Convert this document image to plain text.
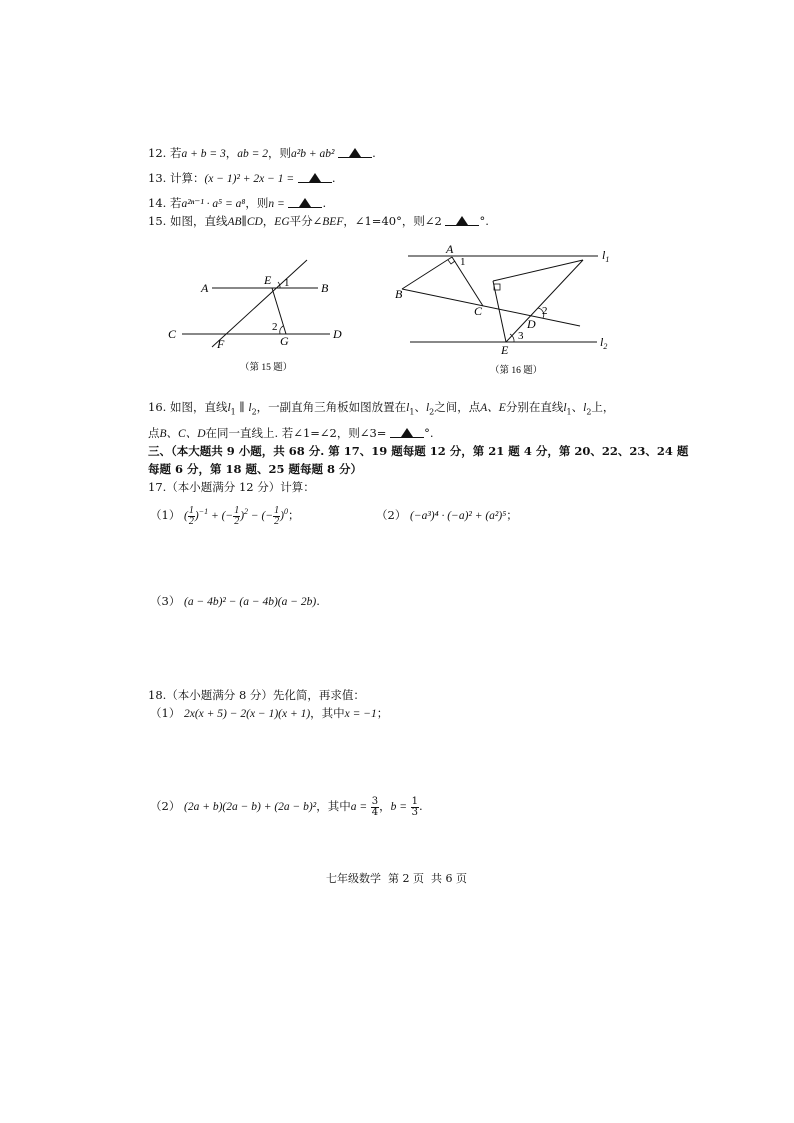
12. 若a + b = 3，ab = 2，则a²b + ab²	.
13. 计算：(x − 1)² + 2x − 1 =	.
14. 若a²ⁿ⁻¹ · a⁵ = a⁸，则n =	.
15. 如图，直线AB∥CD，EG平分∠BEF，∠1=40°，则∠2	°.
A	B
C	D
E
F	G
1
2
（第 15 题）
A
B
C
D
E
1
2
3
$l_1$
$l_2$
（第 16 题）
16. 如图，直线$l_1$ ∥ $l_2$，一副直角三角板如图放置在$l_1$、$l_2$之间，点A、E分别在直线$l_1$、$l_2$上，
点B、C、D在同一直线上. 若∠1=∠2，则∠3=	°.
三、（本大题共 9 小题，共 68 分. 第 17、19 题每题 12 分，第 21 题 4 分，第 20、22、23、24 题
每题 6 分，第 18 题、25 题每题 8 分）
17.（本小题满分 12 分）计算：
（1） ( $\frac{1}{2} )^{-1}$ + (− $\frac{1}{2} )^2$ − (− $\frac{1}{2} )^0$；	（2） (−a³)⁴ · (−a)² + (a²)⁵；
（3） (a − 4b)² − (a − 4b)(a − 2b).
18.（本小题满分 8 分）先化简，再求值：
（1） 2x(x + 5) − 2(x − 1)(x + 1)，其中x = −1；
（2） (2a + b)(2a − b) + (2a − b)²，其中$a = \frac{3}{4}$ ，$b = \frac{1}{3}$ .
七年级数学  第 2 页  共 6 页
